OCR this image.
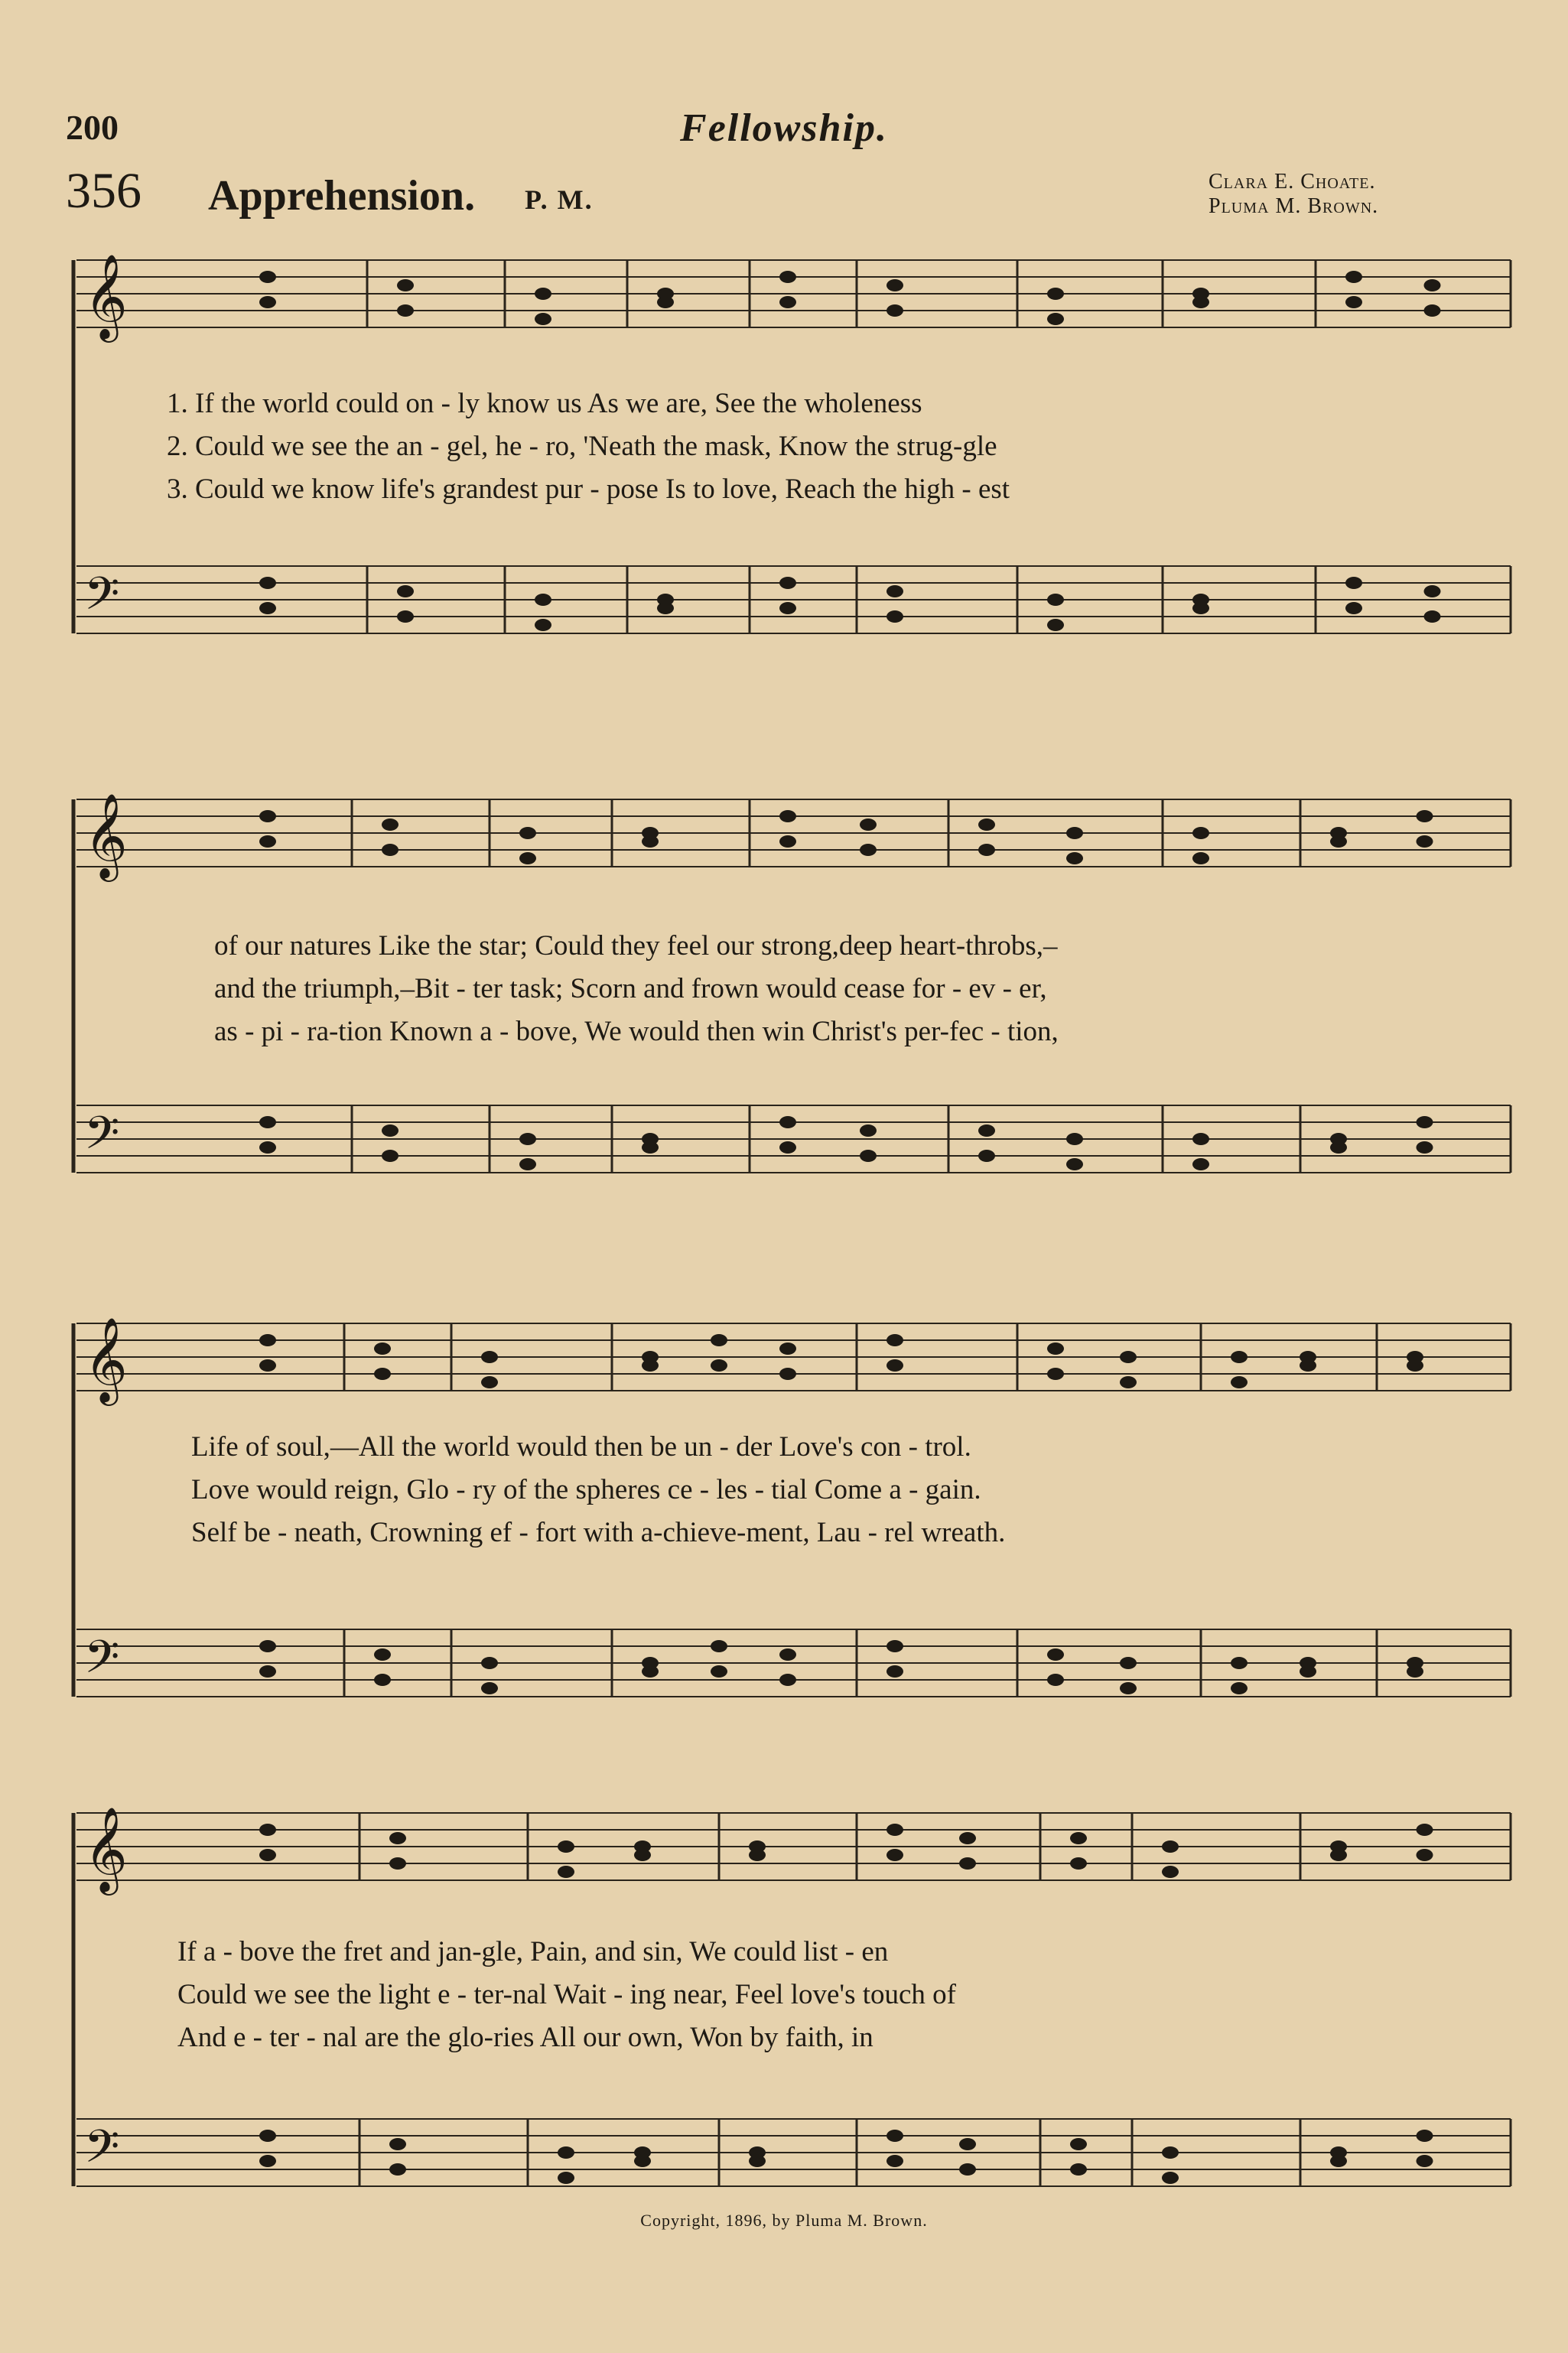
200	Fellowship.
356 Apprehension. P. M.
Clara E. Choate.
Pluma M. Brown.
𝄞
𝄢
1. If the world could on - ly know us As we are, See the wholeness
2. Could we see the an - gel, he - ro, 'Neath the mask, Know the strug-gle
3. Could we know life's grandest pur - pose Is to love, Reach the high - est
𝄞
𝄢
of our natures Like the star; Could they feel our strong,deep heart-throbs,–
and the triumph,–Bit - ter task; Scorn and frown would cease for - ev - er,
as - pi - ra-tion Known a - bove, We would then win Christ's per-fec - tion,
𝄞
𝄢
Life of soul,—All the world would then be un - der Love's con - trol.
Love would reign, Glo - ry of the spheres ce - les - tial Come a - gain.
Self be - neath, Crowning ef - fort with a-chieve-ment, Lau - rel wreath.
𝄞
𝄢
If a - bove the fret and jan-gle, Pain, and sin, We could list - en
Could we see the light e - ter-nal Wait - ing near, Feel love's touch of
And e - ter - nal are the glo-ries All our own, Won by faith, in
Copyright, 1896, by Pluma M. Brown.
